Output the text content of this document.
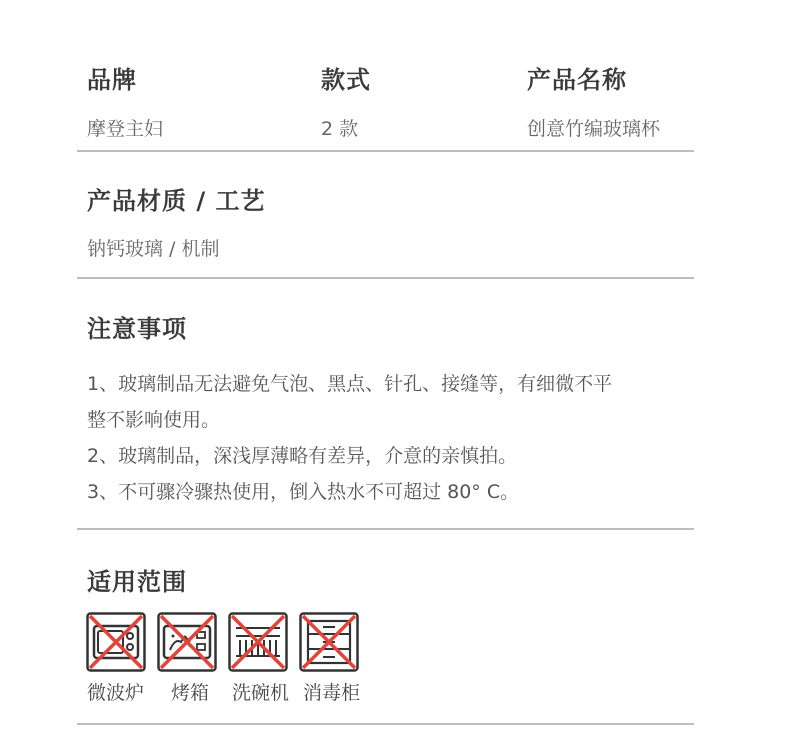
品牌
摩登主妇
款式
2 款
产品名称
创意竹编玻璃杯
产品材质 / 工艺
钠钙玻璃 / 机制
注意事项

1、玻璃制品无法避免气泡、黑点、针孔、接缝等，有细微不平
整不影响使用。

2、玻璃制品，深浅厚薄略有差异，介意的亲慎拍。

3、不可骤冷骤热使用，倒入热水不可超过 80° C。

适用范围
微波炉 烤箱 洗碗机 消毒柜
